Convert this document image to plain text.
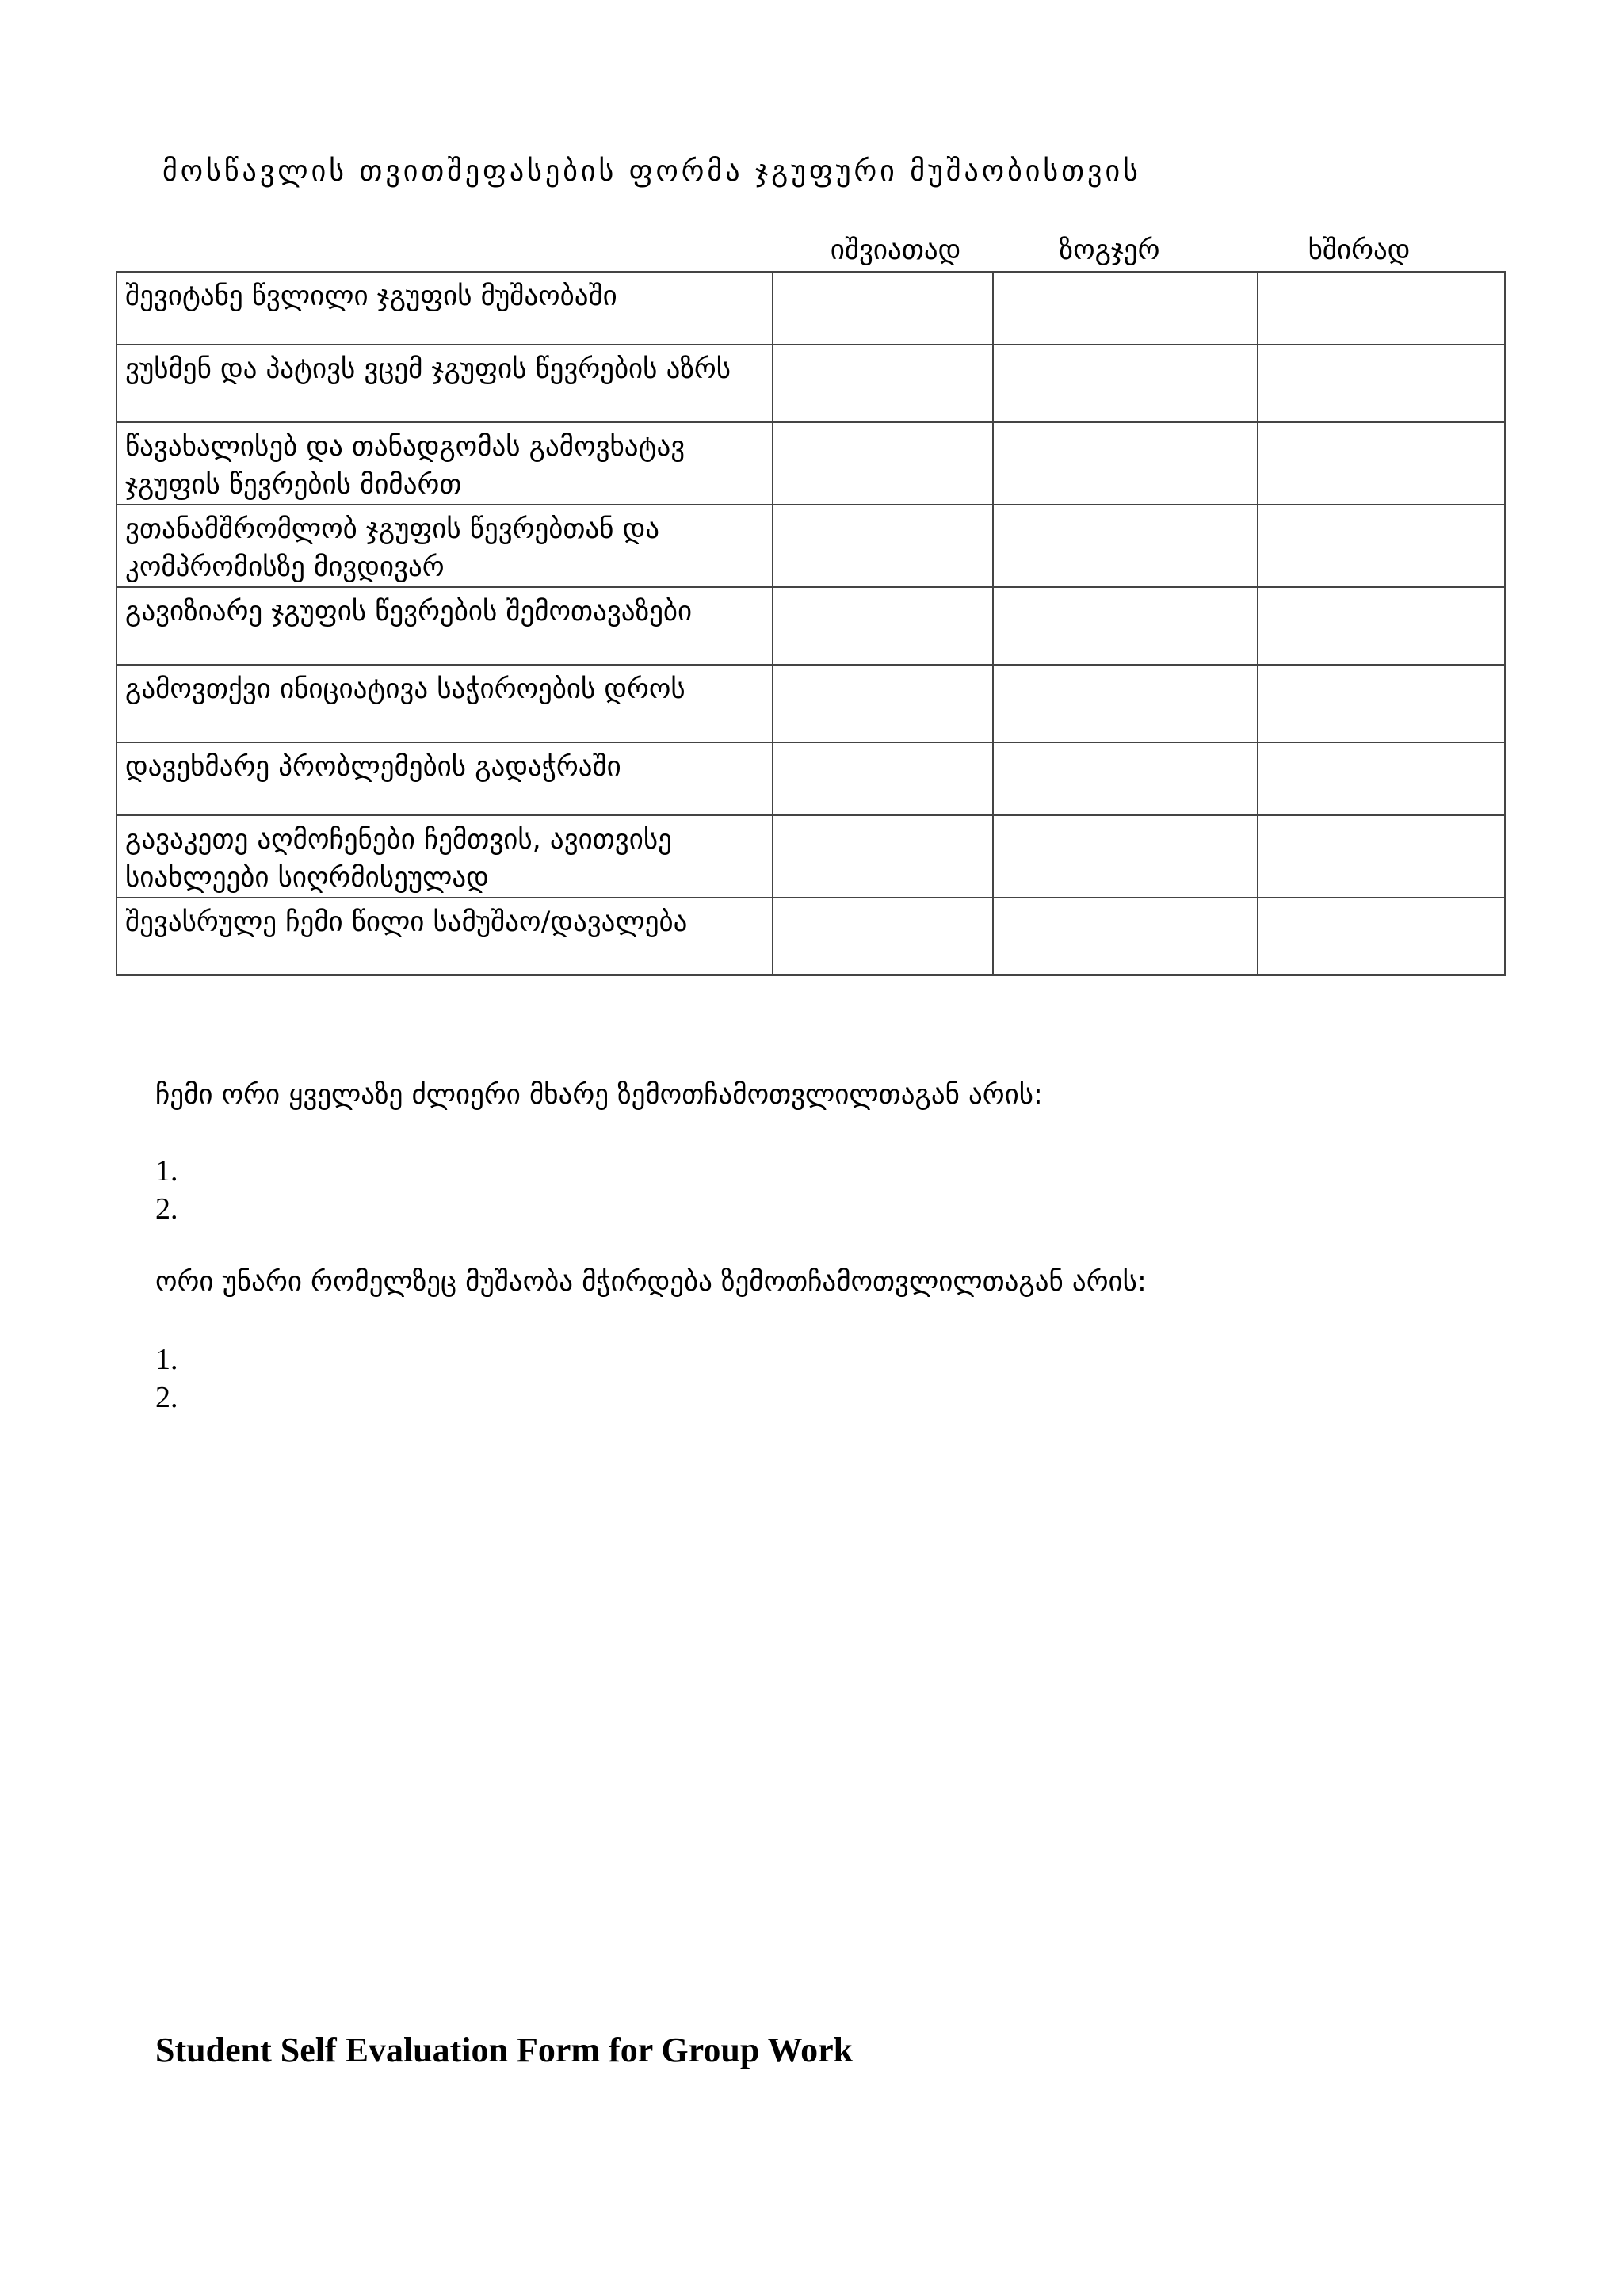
მოსწავლის თვითშეფასების ფორმა ჯგუფური მუშაობისთვის
იშვიათად	ზოგჯერ	ხშირად
შევიტანე წვლილი ჯგუფის მუშაობაში			
ვუსმენ და პატივს ვცემ ჯგუფის წევრების აზრს			
წავახალისებ და თანადგომას გამოვხატავ ჯგუფის წევრების მიმართ			
ვთანამშრომლობ ჯგუფის წევრებთან და კომპრომისზე მივდივარ			
გავიზიარე ჯგუფის წევრების შემოთავაზები			
გამოვთქვი ინიციატივა საჭიროების დროს			
დავეხმარე პრობლემების გადაჭრაში			
გავაკეთე აღმოჩენები ჩემთვის, ავითვისე სიახლეები სიღრმისეულად			
შევასრულე ჩემი წილი სამუშაო/დავალება			
ჩემი ორი ყველაზე ძლიერი მხარე ზემოთჩამოთვლილთაგან არის:
1.
2.
ორი უნარი რომელზეც მუშაობა მჭირდება ზემოთჩამოთვლილთაგან არის:
1.
2.
Student Self Evaluation Form for Group Work
